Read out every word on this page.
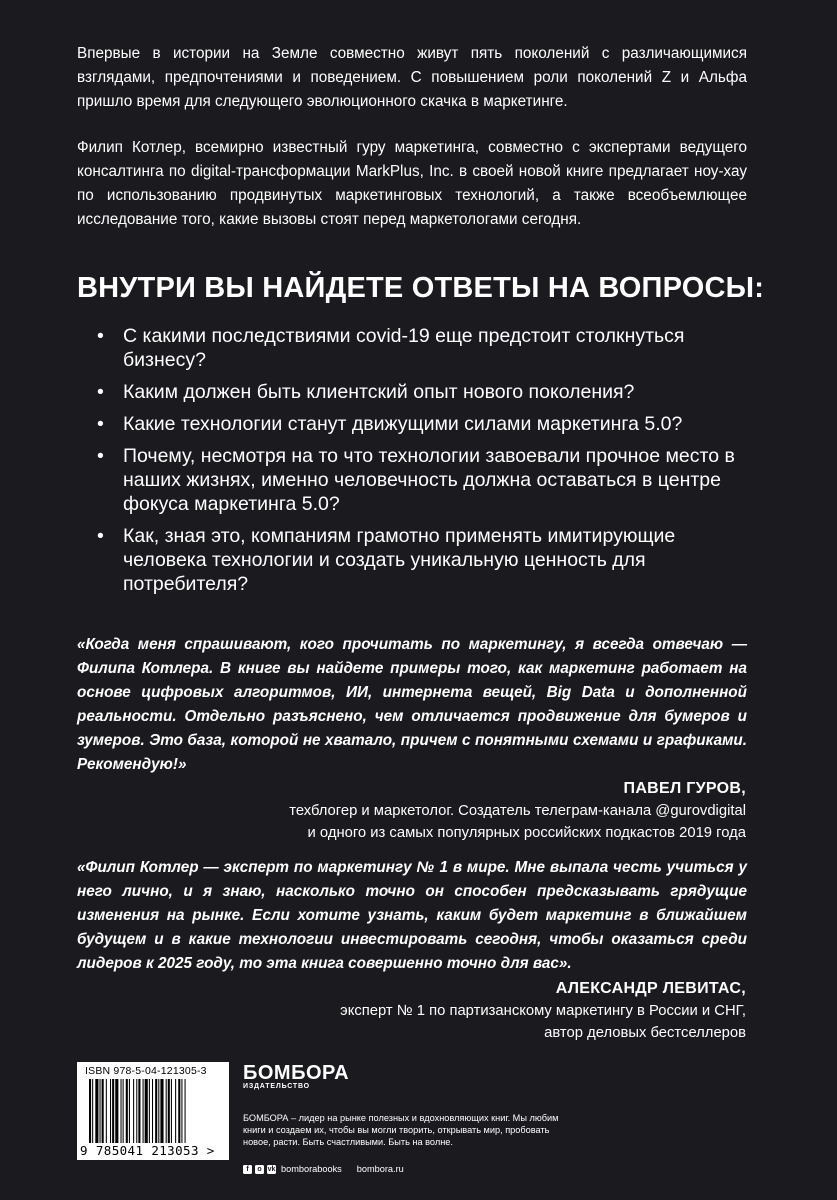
Впервые в истории на Земле совместно живут пять поколений с различающимися взглядами, предпочтениями и поведением. С повышением роли поколений Z и Альфа пришло время для следующего эволюционного скачка в маркетинге.

Филип Котлер, всемирно известный гуру маркетинга, совместно с экспертами ведущего консалтинга по digital-трансформации MarkPlus, Inc. в своей новой книге предлагает ноу-хау по использованию продвинутых маркетинговых технологий, а также всеобъемлющее исследование того, какие вызовы стоят перед маркетологами сегодня.

ВНУТРИ ВЫ НАЙДЕТЕ ОТВЕТЫ НА ВОПРОСЫ:
• С какими последствиями covid-19 еще предстоит столкнуться бизнесу?
• Каким должен быть клиентский опыт нового поколения?
• Какие технологии станут движущими силами маркетинга 5.0?
• Почему, несмотря на то что технологии завоевали прочное место в наших жизнях, именно человечность должна оставаться в центре фокуса маркетинга 5.0?
• Как, зная это, компаниям грамотно применять имитирующие человека технологии и создать уникальную ценность для потребителя?

«Когда меня спрашивают, кого прочитать по маркетингу, я всегда отвечаю — Филипа Котлера. В книге вы найдете примеры того, как маркетинг работает на основе цифровых алгоритмов, ИИ, интернета вещей, Big Data и дополненной реальности. Отдельно разъяснено, чем отличается продвижение для бумеров и зумеров. Это база, которой не хватало, причем с понятными схемами и графиками. Рекомендую!»

ПАВЕЛ ГУРОВ,
техблогер и маркетолог. Создатель телеграм-канала @gurovdigital
и одного из самых популярных российских подкастов 2019 года

«Филип Котлер — эксперт по маркетингу № 1 в мире. Мне выпала честь учиться у него лично, и я знаю, насколько точно он способен предсказывать грядущие изменения на рынке. Если хотите узнать, каким будет маркетинг в ближайшем будущем и в какие технологии инвестировать сегодня, чтобы оказаться среди лидеров к 2025 году, то эта книга совершенно точно для вас».

АЛЕКСАНДР ЛЕВИТАС,
эксперт № 1 по партизанскому маркетингу в России и СНГ,
автор деловых бестселлеров
ISBN 978-5-04-121305-3
9 785041 213053 >
БОМБОРА
ИЗДАТЕЛЬСТВО

БОМБОРА – лидер на рынке полезных и вдохновляющих книг. Мы любим книги и создаем их, чтобы вы могли творить, открывать мир, пробовать новое, расти. Быть счастливыми. Быть на волне.

f	o vk bomborabooks bombora.ru
